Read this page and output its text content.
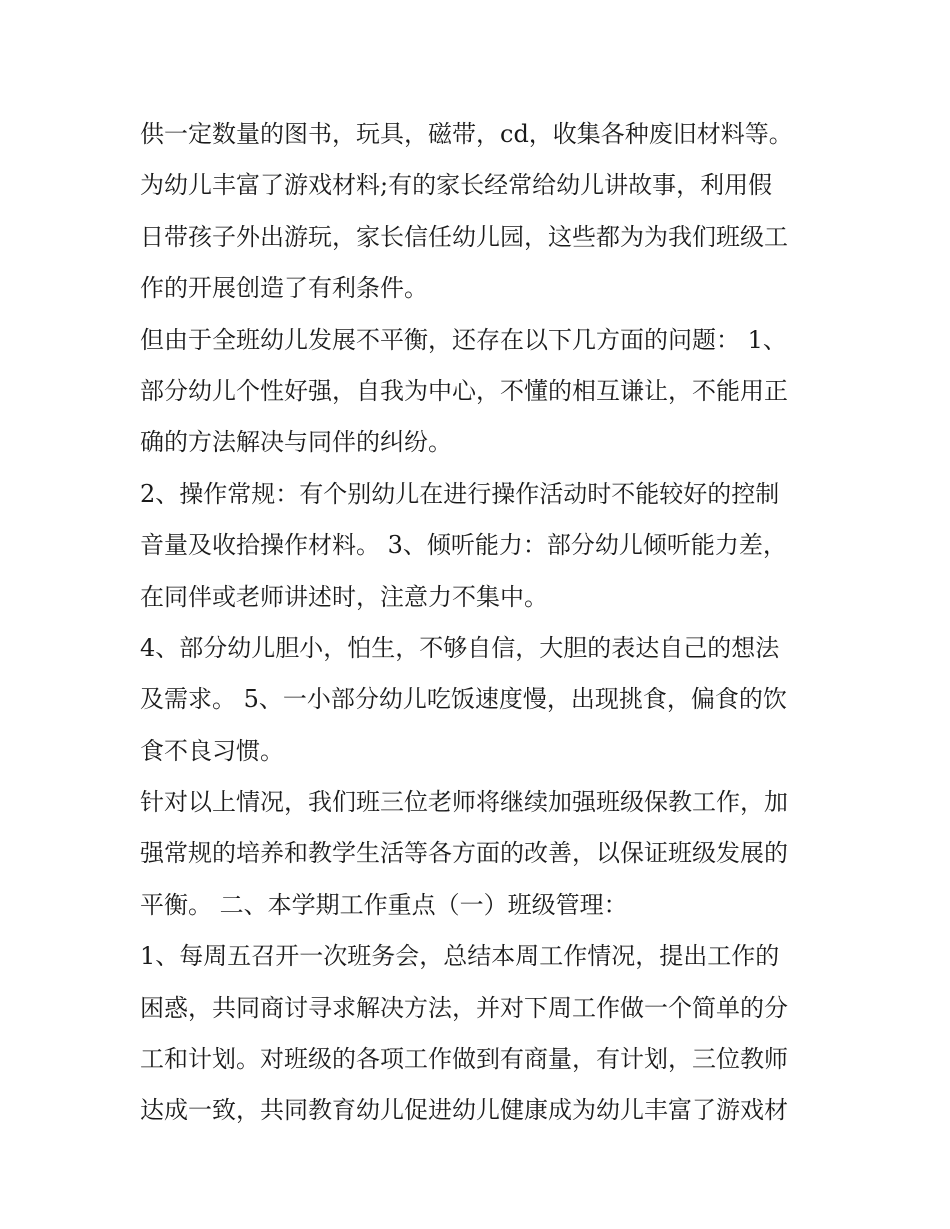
供一定数量的图书，玩具，磁带，cd，收集各种废旧材料等。
为幼儿丰富了游戏材料;有的家长经常给幼儿讲故事，利用假
日带孩子外出游玩，家长信任幼儿园，这些都为为我们班级工
作的开展创造了有利条件。
但由于全班幼儿发展不平衡，还存在以下几方面的问题： 1、
部分幼儿个性好强，自我为中心，不懂的相互谦让，不能用正
确的方法解决与同伴的纠纷。
2、操作常规：有个别幼儿在进行操作活动时不能较好的控制
音量及收拾操作材料。 3、倾听能力：部分幼儿倾听能力差，
在同伴或老师讲述时，注意力不集中。
4、部分幼儿胆小，怕生，不够自信，大胆的表达自己的想法
及需求。 5、一小部分幼儿吃饭速度慢，出现挑食，偏食的饮
食不良习惯。
针对以上情况，我们班三位老师将继续加强班级保教工作，加
强常规的培养和教学生活等各方面的改善，以保证班级发展的
平衡。 二、本学期工作重点（一）班级管理：
1、每周五召开一次班务会，总结本周工作情况，提出工作的
困惑，共同商讨寻求解决方法，并对下周工作做一个简单的分
工和计划。对班级的各项工作做到有商量，有计划，三位教师
达成一致，共同教育幼儿促进幼儿健康成为幼儿丰富了游戏材
